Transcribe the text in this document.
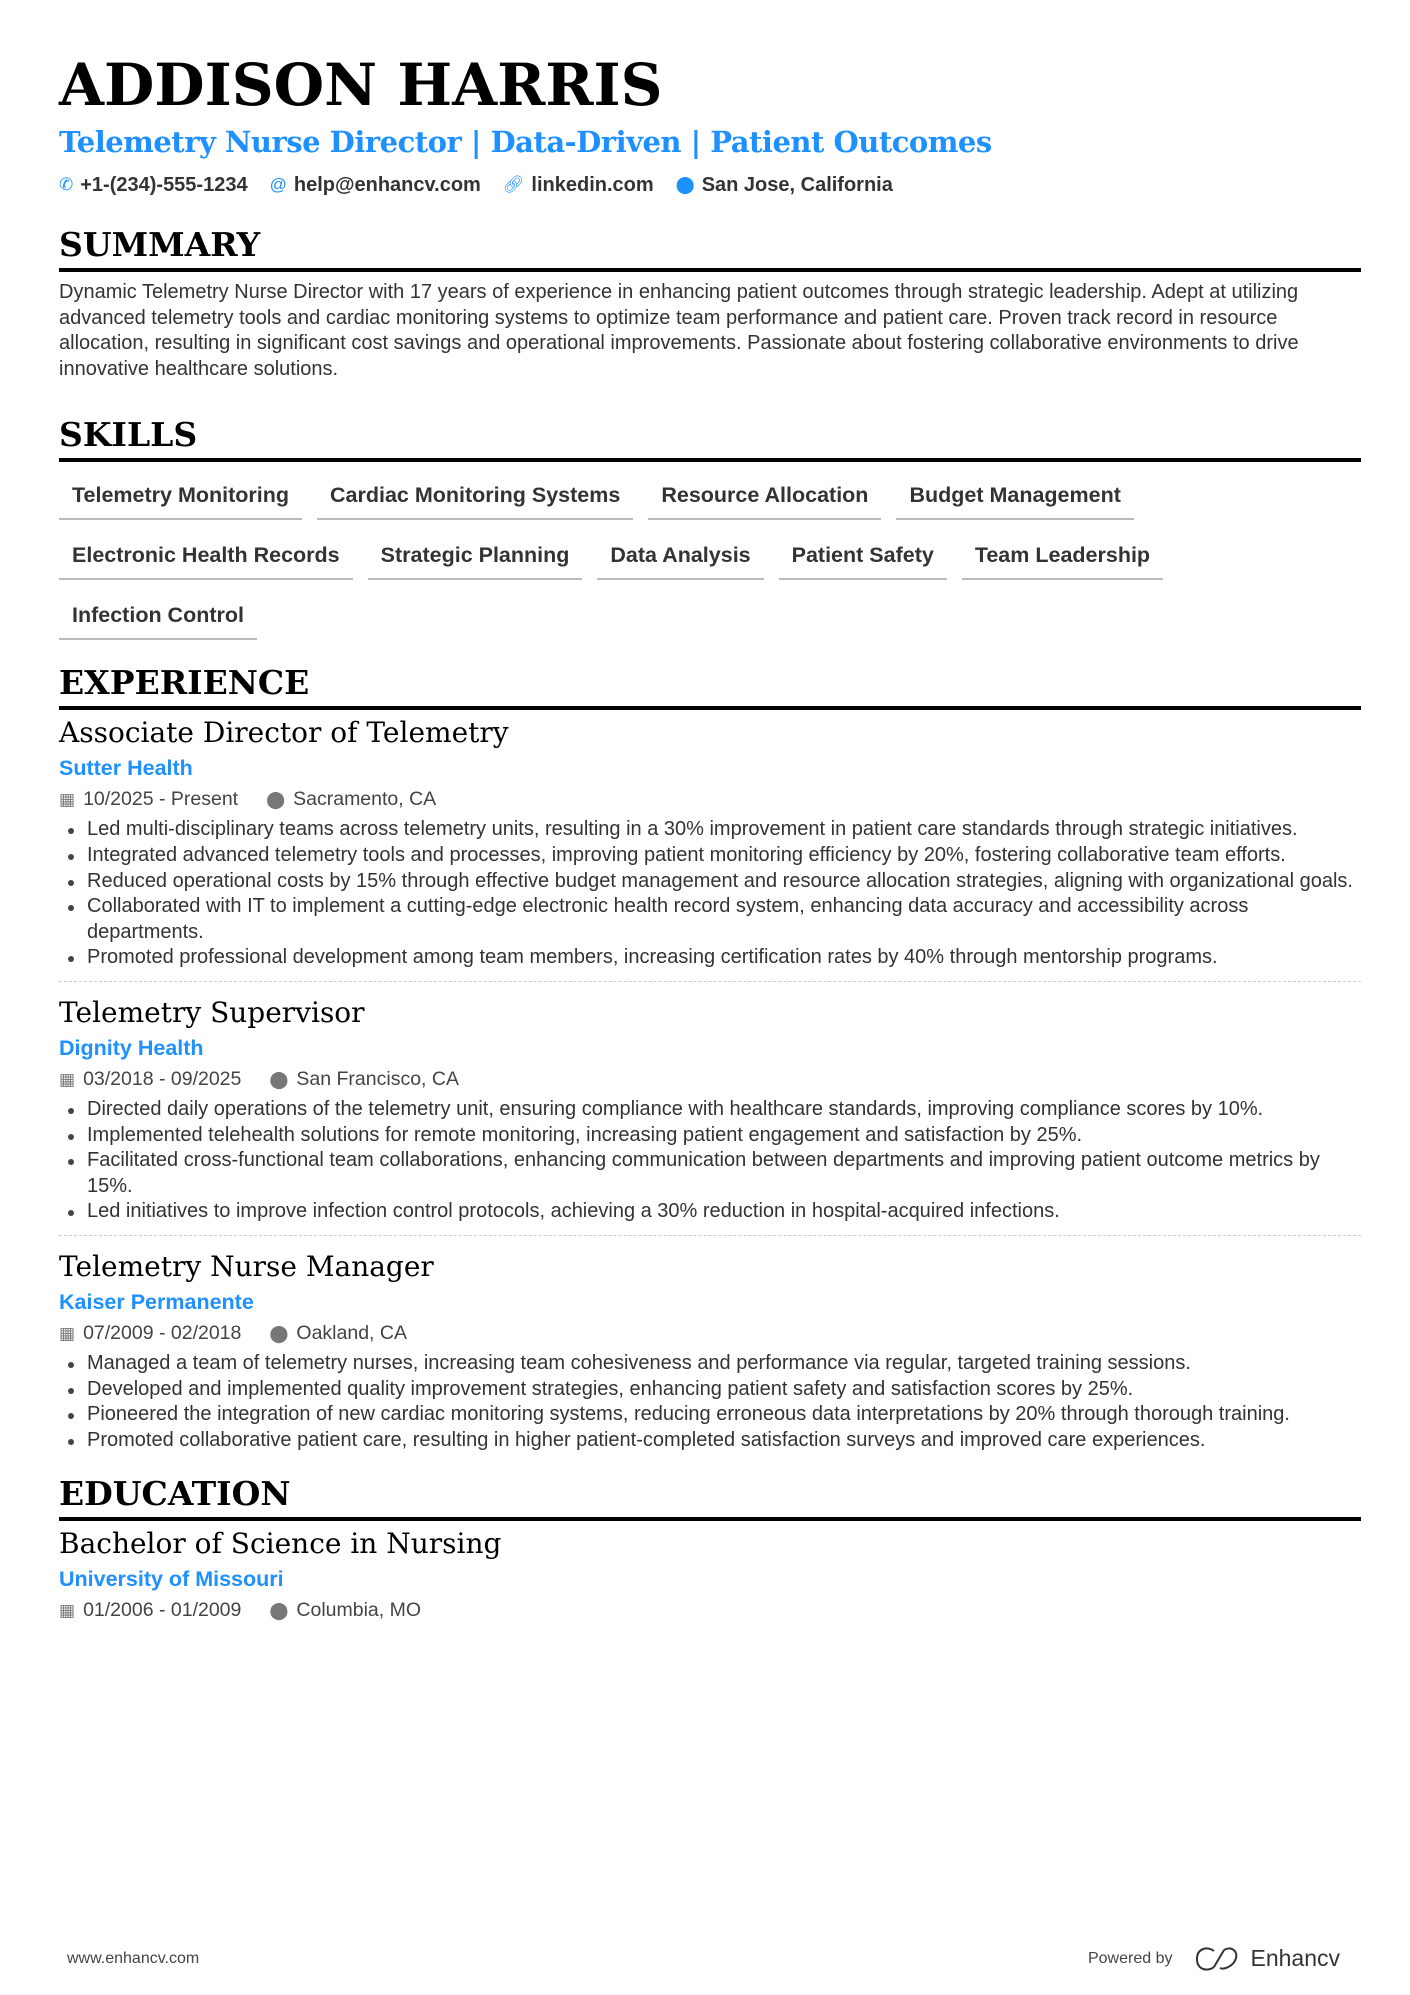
ADDISON HARRIS
Telemetry Nurse Director | Data-Driven | Patient Outcomes
✆ +1-(234)-555-1234 @ help@enhancv.com 🔗︎ linkedin.com ⬤ San Jose, California
SUMMARY

Dynamic Telemetry Nurse Director with 17 years of experience in enhancing patient outcomes through strategic leadership. Adept at utilizing advanced telemetry tools and cardiac monitoring systems to optimize team performance and patient care. Proven track record in resource allocation, resulting in significant cost savings and operational improvements. Passionate about fostering collaborative environments to drive innovative healthcare solutions.

SKILLS
Telemetry Monitoring	Cardiac Monitoring Systems	Resource Allocation	Budget Management
Electronic Health Records	Strategic Planning	Data Analysis	Patient Safety	Team Leadership
Infection Control
EXPERIENCE
Associate Director of Telemetry
Sutter Health
▦ 10/2025 - Present ⬤ Sacramento, CA
Led multi-disciplinary teams across telemetry units, resulting in a 30% improvement in patient care standards through strategic initiatives.
Integrated advanced telemetry tools and processes, improving patient monitoring efficiency by 20%, fostering collaborative team efforts.
Reduced operational costs by 15% through effective budget management and resource allocation strategies, aligning with organizational goals.
Collaborated with IT to implement a cutting-edge electronic health record system, enhancing data accuracy and accessibility across departments.
Promoted professional development among team members, increasing certification rates by 40% through mentorship programs.
Telemetry Supervisor
Dignity Health
▦ 03/2018 - 09/2025 ⬤ San Francisco, CA
Directed daily operations of the telemetry unit, ensuring compliance with healthcare standards, improving compliance scores by 10%.
Implemented telehealth solutions for remote monitoring, increasing patient engagement and satisfaction by 25%.
Facilitated cross-functional team collaborations, enhancing communication between departments and improving patient outcome metrics by 15%.
Led initiatives to improve infection control protocols, achieving a 30% reduction in hospital-acquired infections.
Telemetry Nurse Manager
Kaiser Permanente
▦ 07/2009 - 02/2018 ⬤ Oakland, CA
Managed a team of telemetry nurses, increasing team cohesiveness and performance via regular, targeted training sessions.
Developed and implemented quality improvement strategies, enhancing patient safety and satisfaction scores by 25%.
Pioneered the integration of new cardiac monitoring systems, reducing erroneous data interpretations by 20% through thorough training.
Promoted collaborative patient care, resulting in higher patient-completed satisfaction surveys and improved care experiences.
EDUCATION
Bachelor of Science in Nursing
University of Missouri
▦ 01/2006 - 01/2009 ⬤ Columbia, MO
www.enhancv.com	Powered by	Enhancv
